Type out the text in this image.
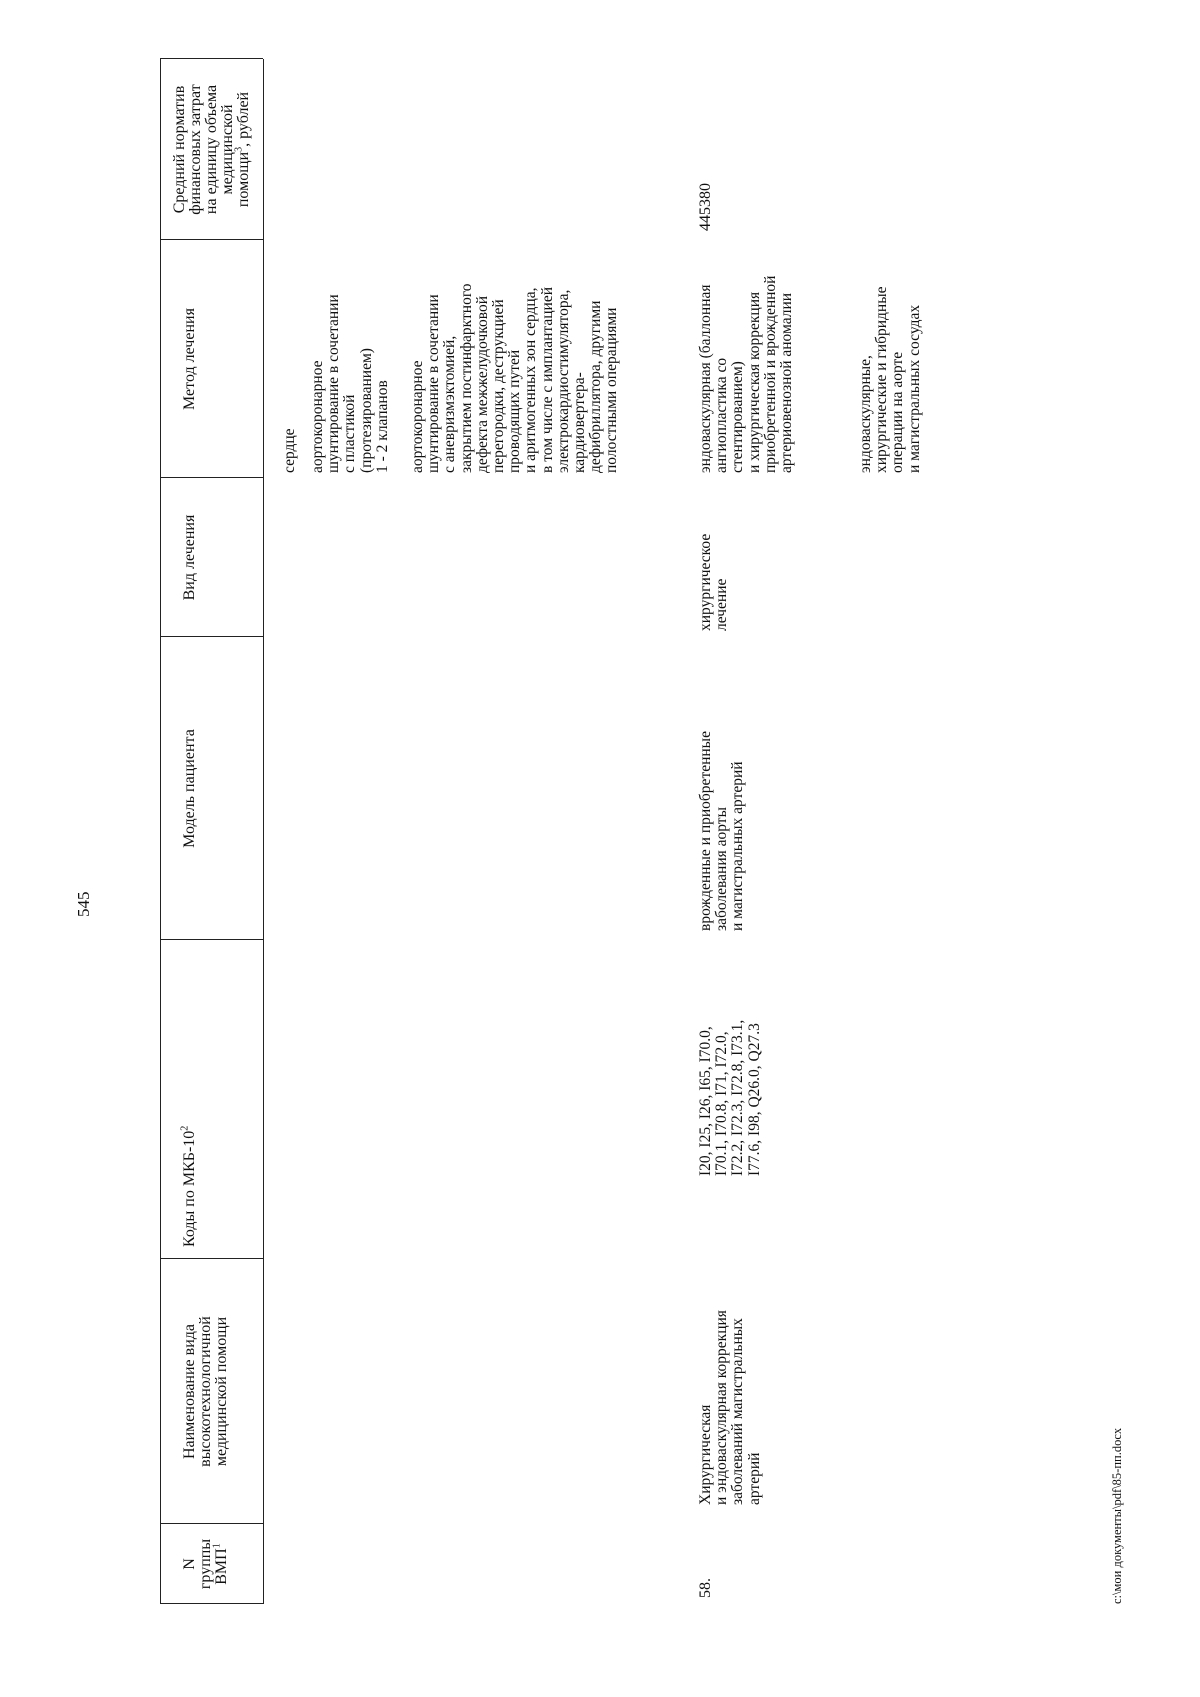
545
N
группы
ВМП$^1$
Наименование вида
высокотехнологичной
медицинской помощи
Коды по МКБ-$10^2$
Модель пациента
Вид лечения
Метод лечения
Средний норматив
финансовых затрат
на единицу объема
медицинской
помощи$^3$, рублей
сердце аортокоронарное
шунтирование в сочетании
с пластикой
(протезированием)
1 - 2 клапанов аортокоронарное
шунтирование в сочетании
с аневризмэктомией,
закрытием постинфарктного
дефекта межжелудочковой
перегородки, деструкцией
проводящих путей
и аритмогенных зон сердца,
в том числе с имплантацией
электрокардиостимулятора,
кардиовертера-
дефибриллятора, другими
полостными операциями
58.
Хирургическая
и эндоваскулярная коррекция
заболеваний магистральных
артерий
I20, I25, I26, I65, I70.0,
I70.1, I70.8, I71, I72.0,
I72.2, I72.3, I72.8, I73.1,
I77.6, I98, Q26.0, Q27.3
врожденные и приобретенные
заболевания аорты
и магистральных артерий
хирургическое
лечение
эндоваскулярная (баллонная
ангиопластика со
стентированием)
и хирургическая коррекция
приобретенной и врожденной
артериовенозной аномалии
эндоваскулярные,
хирургические и гибридные
операции на аорте
и магистральных сосудах
445380
c:\мои документы\pdf\85-пп.docx
